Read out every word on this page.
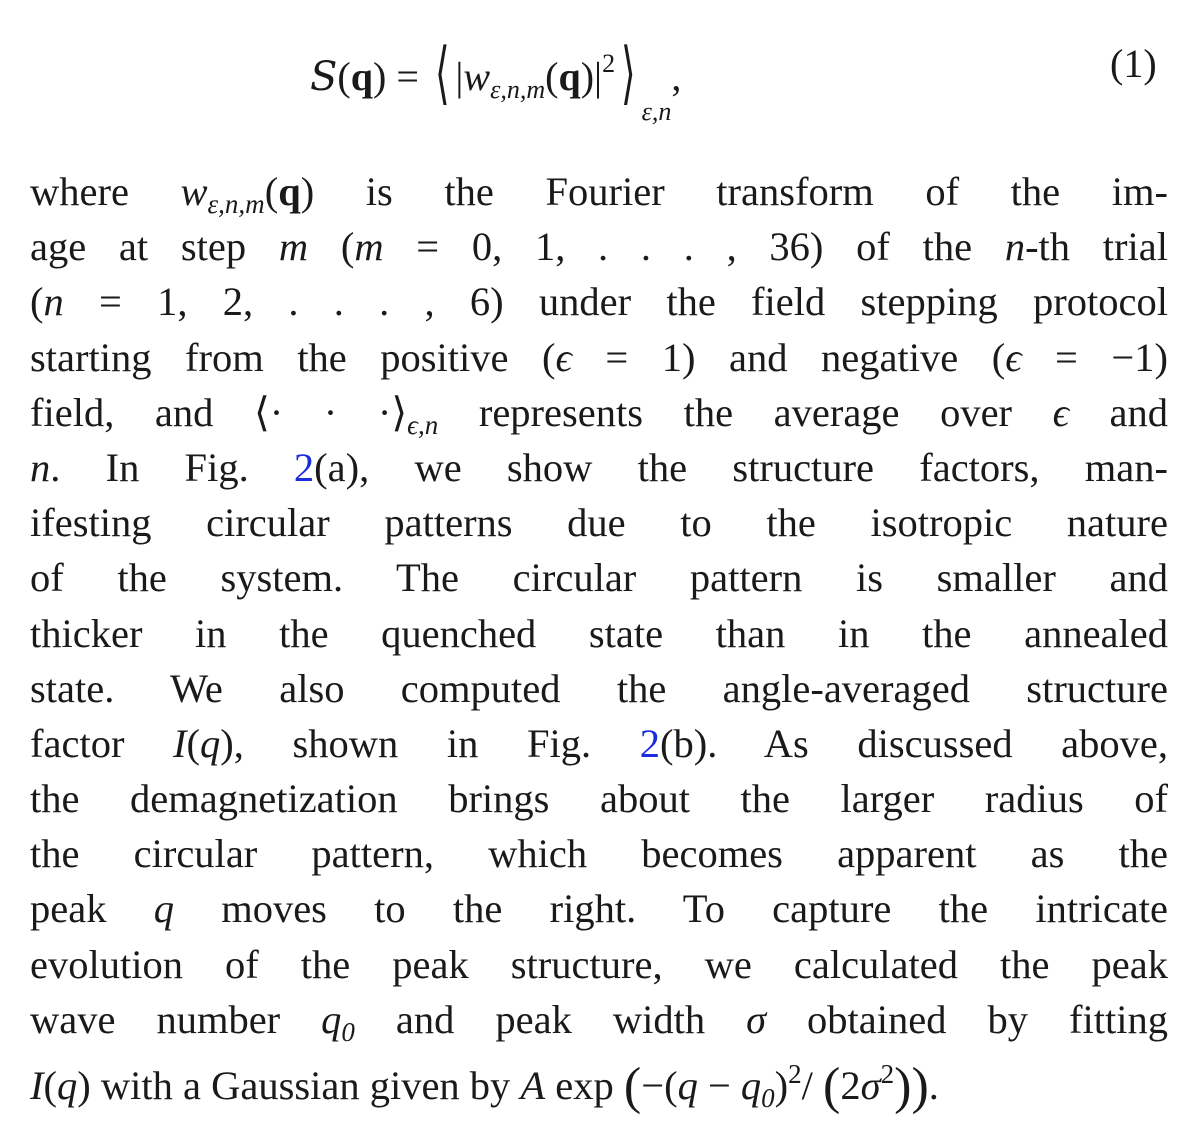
S(q) = ⟨ $|w_{\varepsilon,n,m}(q)|^2⟩_{\varepsilon,n}$,	(1)
where wε,n,m(q) is the Fourier transform of the im-
age at step m (m = 0, 1, . . . , 36) of the n-th trial
(n = 1, 2, . . . , 6) under the field stepping protocol
starting from the positive (ϵ = 1) and negative (ϵ = −1)
field, and ⟨· · ·⟩ϵ,n represents the average over ϵ and
n. In Fig. 2(a), we show the structure factors, man-
ifesting circular patterns due to the isotropic nature
of the system. The circular pattern is smaller and
thicker in the quenched state than in the annealed
state. We also computed the angle-averaged structure
factor I(q), shown in Fig. 2(b). As discussed above,
the demagnetization brings about the larger radius of
the circular pattern, which becomes apparent as the
peak q moves to the right. To capture the intricate
evolution of the peak structure, we calculated the peak
wave number q0 and peak width σ obtained by fitting
I(q) with a Gaussian given by A $\exp (-(q - q0)^2/$ $(2\sigma^2)$).
